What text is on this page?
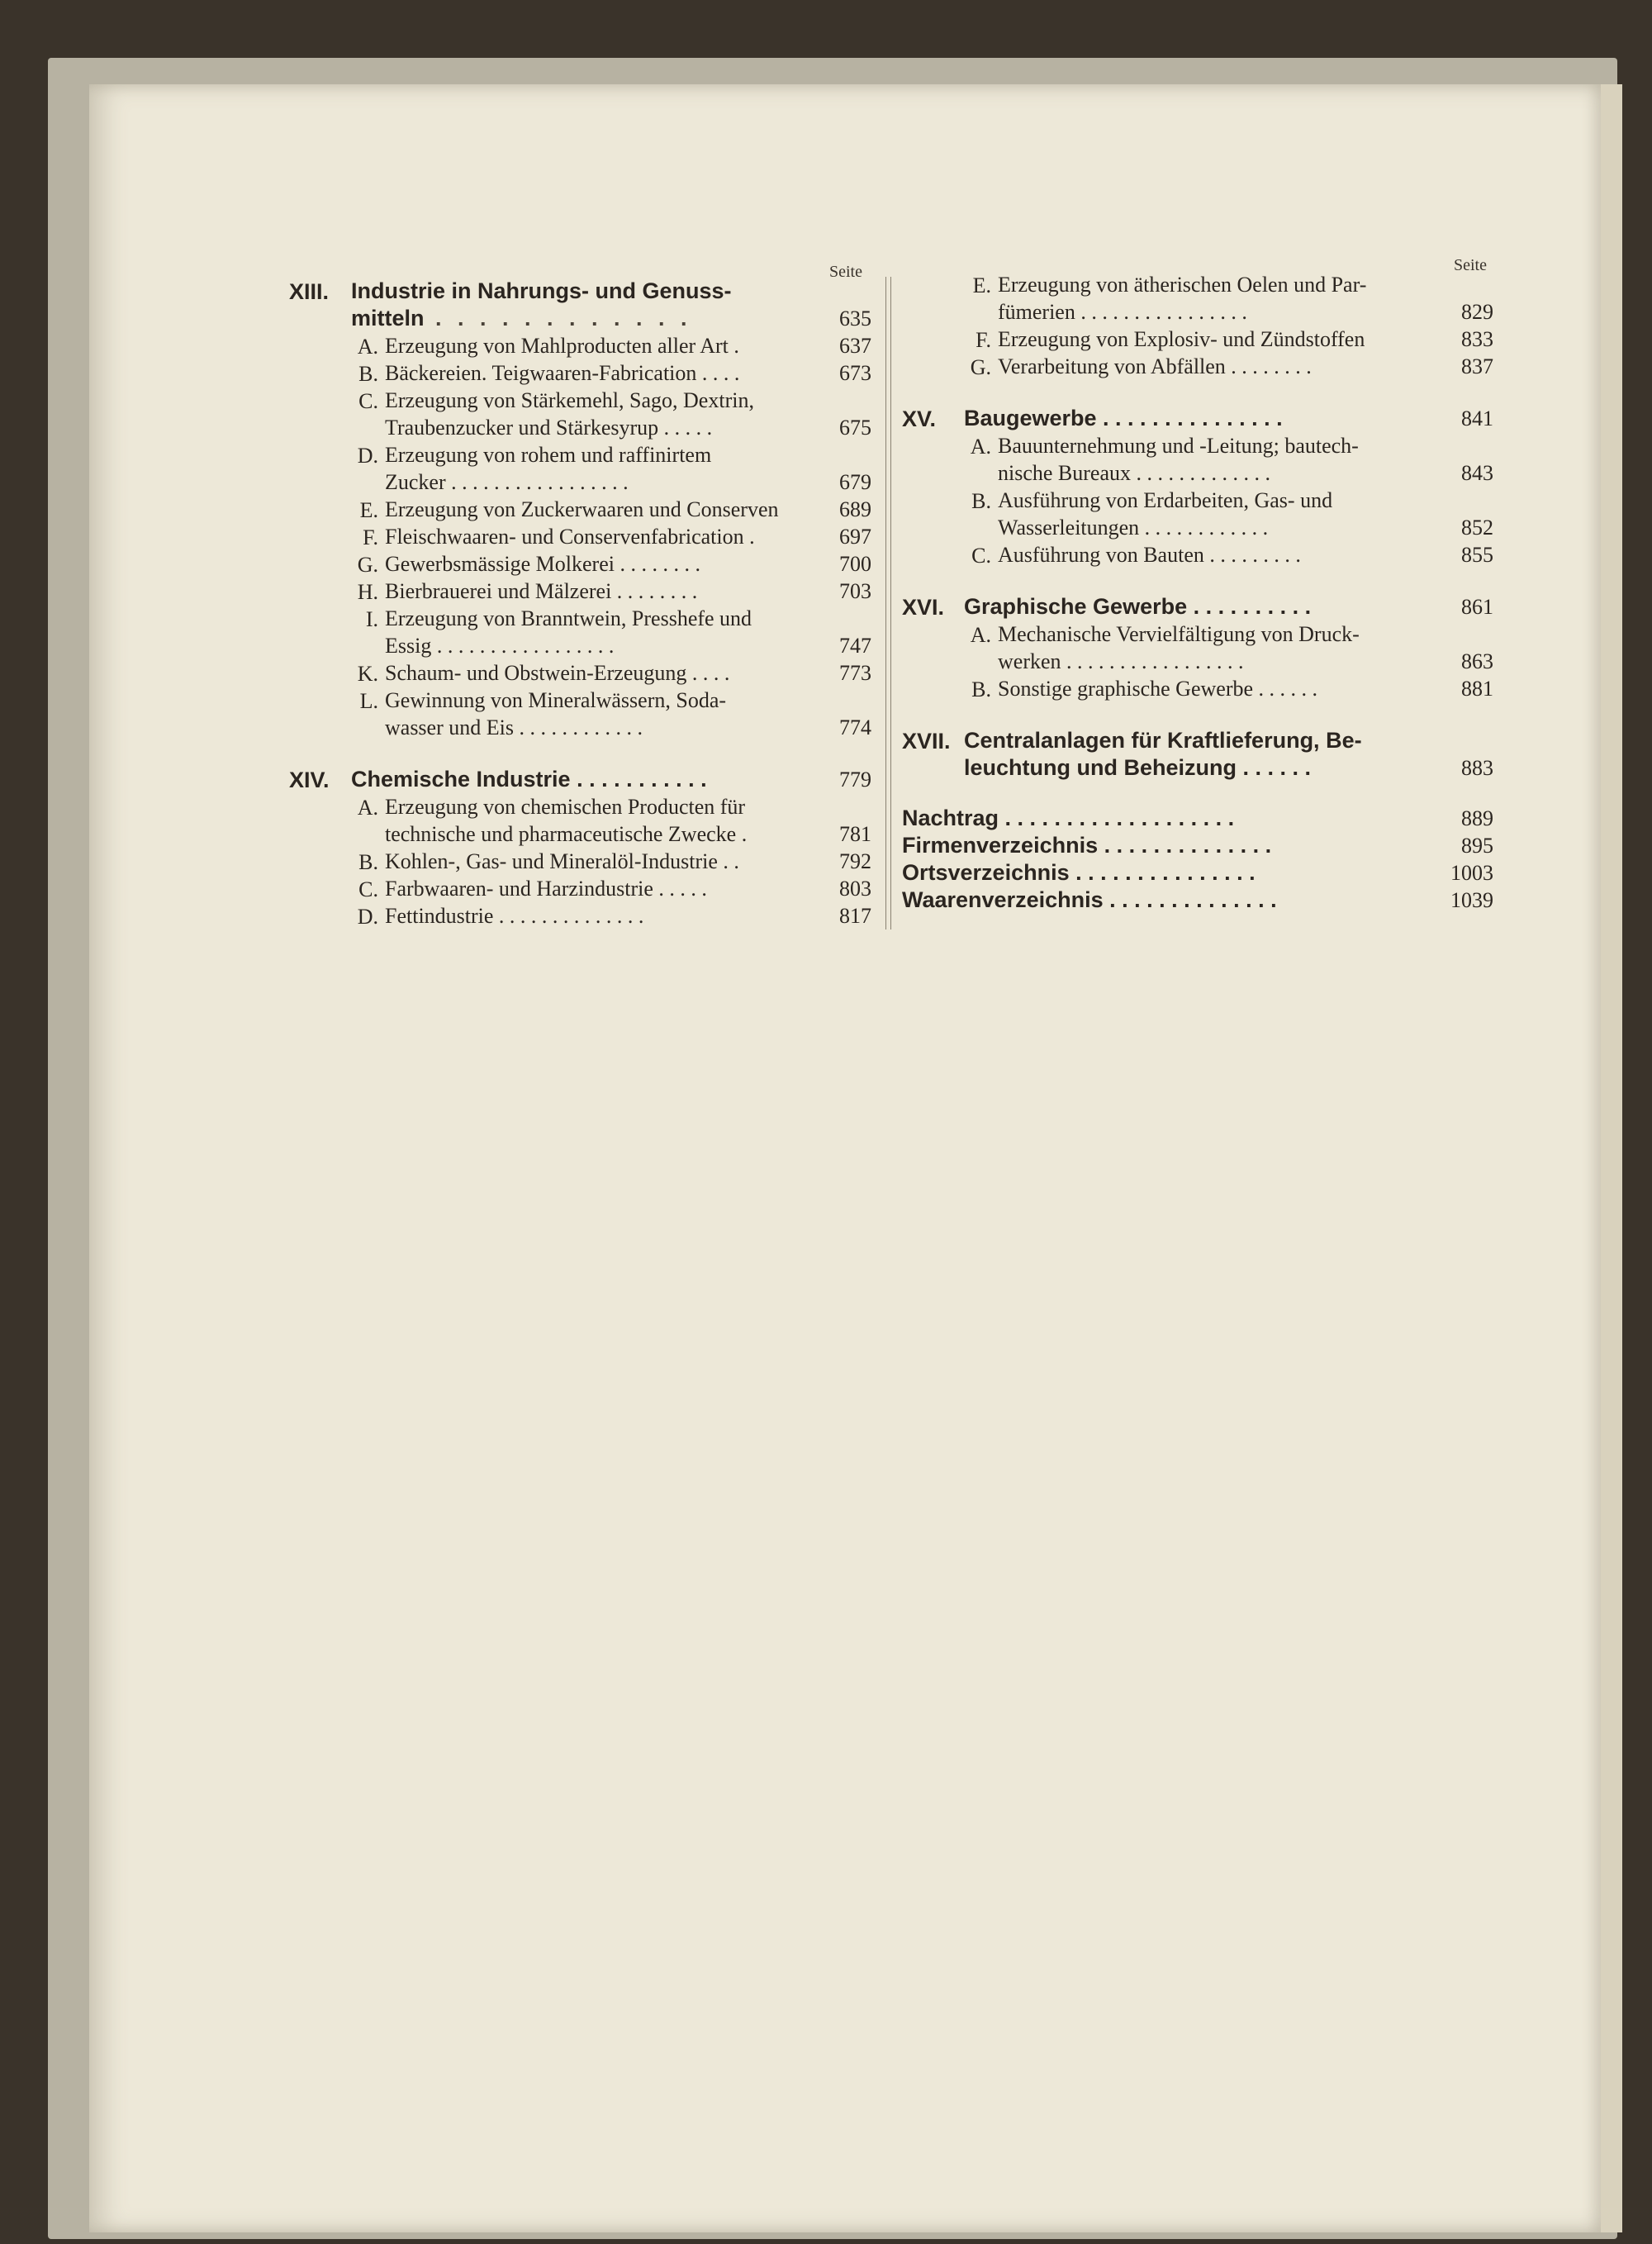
Seite	Seite
XIII. Industrie in Nahrungs- und Genuss-
mitteln . . . . . . . . . . . .	635
A. Erzeugung von Mahlproducten aller Art .	637
B. Bäckereien. Teigwaaren-Fabrication . . . .	673
C. Erzeugung von Stärkemehl, Sago, Dextrin,
Traubenzucker und Stärkesyrup . . . . .	675
D. Erzeugung von rohem und raffinirtem
Zucker . . . . . . . . . . . . . . . . .	679
E. Erzeugung von Zuckerwaaren und Conserven	689
F. Fleischwaaren- und Conservenfabrication .	697
G. Gewerbsmässige Molkerei . . . . . . . .	700
H. Bierbrauerei und Mälzerei . . . . . . . .	703
I. Erzeugung von Branntwein, Presshefe und
Essig . . . . . . . . . . . . . . . . .	747
K. Schaum- und Obstwein-Erzeugung . . . .	773
L. Gewinnung von Mineralwässern, Soda-
wasser und Eis . . . . . . . . . . . .	774
XIV. Chemische Industrie . . . . . . . . . . .	779
A. Erzeugung von chemischen Producten für
technische und pharmaceutische Zwecke .	781
B. Kohlen-, Gas- und Mineralöl-Industrie . .	792
C. Farbwaaren- und Harzindustrie . . . . .	803
D. Fettindustrie . . . . . . . . . . . . . .	817
E. Erzeugung von ätherischen Oelen und Par-
fümerien . . . . . . . . . . . . . . . .	829
F. Erzeugung von Explosiv- und Zündstoffen	833
G. Verarbeitung von Abfällen . . . . . . . .	837
XV.	Baugewerbe . . . . . . . . . . . . . . .	841
A. Bauunternehmung und -Leitung; bautech-
nische Bureaux . . . . . . . . . . . . .	843
B. Ausführung von Erdarbeiten, Gas- und
Wasserleitungen . . . . . . . . . . . .	852
C. Ausführung von Bauten . . . . . . . . .	855
XVI. Graphische Gewerbe . . . . . . . . . .	861
A. Mechanische Vervielfältigung von Druck-
werken . . . . . . . . . . . . . . . . .	863
B. Sonstige graphische Gewerbe . . . . . .	881
XVII. Centralanlagen für Kraftlieferung, Be-
leuchtung und Beheizung . . . . . .	883
Nachtrag . . . . . . . . . . . . . . . . . . .	889
Firmenverzeichnis . . . . . . . . . . . . . .	895
Ortsverzeichnis . . . . . . . . . . . . . . .	1003
Waarenverzeichnis . . . . . . . . . . . . . .	1039
